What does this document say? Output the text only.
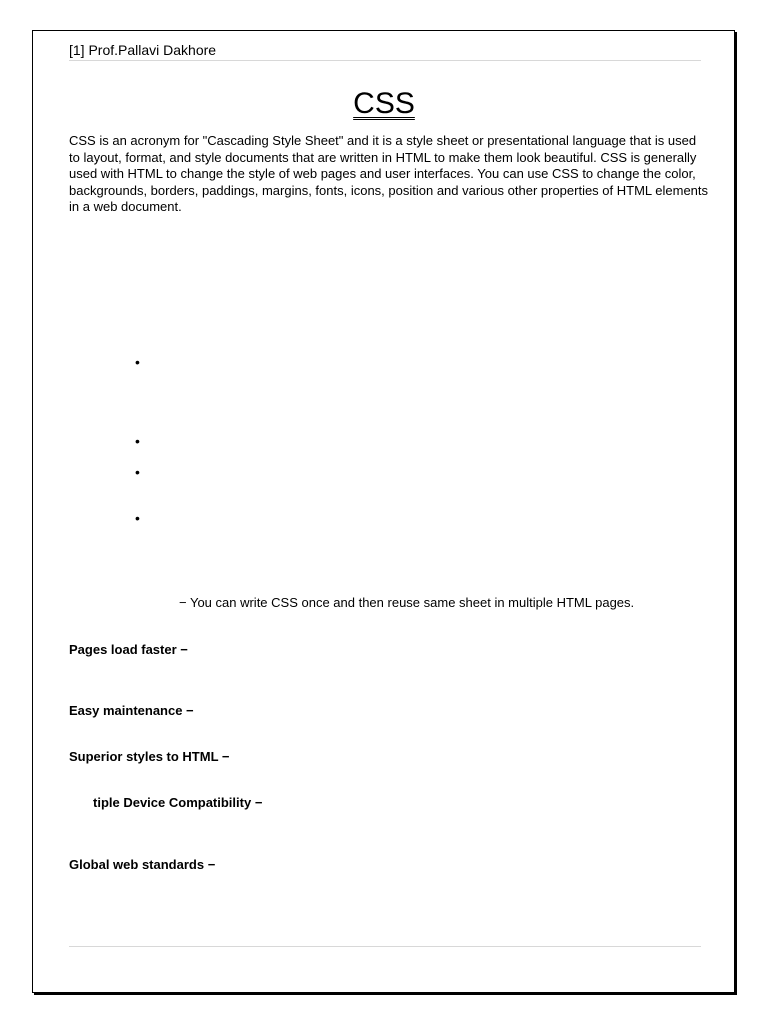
[1] Prof.Pallavi Dakhore
CSS

CSS is an acronym for "Cascading Style Sheet" and it is a style sheet or presentational language that is used to layout, format, and style documents that are written in HTML to make them look beautiful. CSS is generally used with HTML to change the style of web pages and user interfaces. You can use CSS to change the color, backgrounds, borders, paddings, margins, fonts, icons, position and various other properties of HTML elements in a web document.

•
•
•
•
− You can write CSS once and then reuse same sheet in multiple HTML pages.
Pages load faster −
Easy maintenance −
Superior styles to HTML −
tiple Device Compatibility −
Global web standards −
